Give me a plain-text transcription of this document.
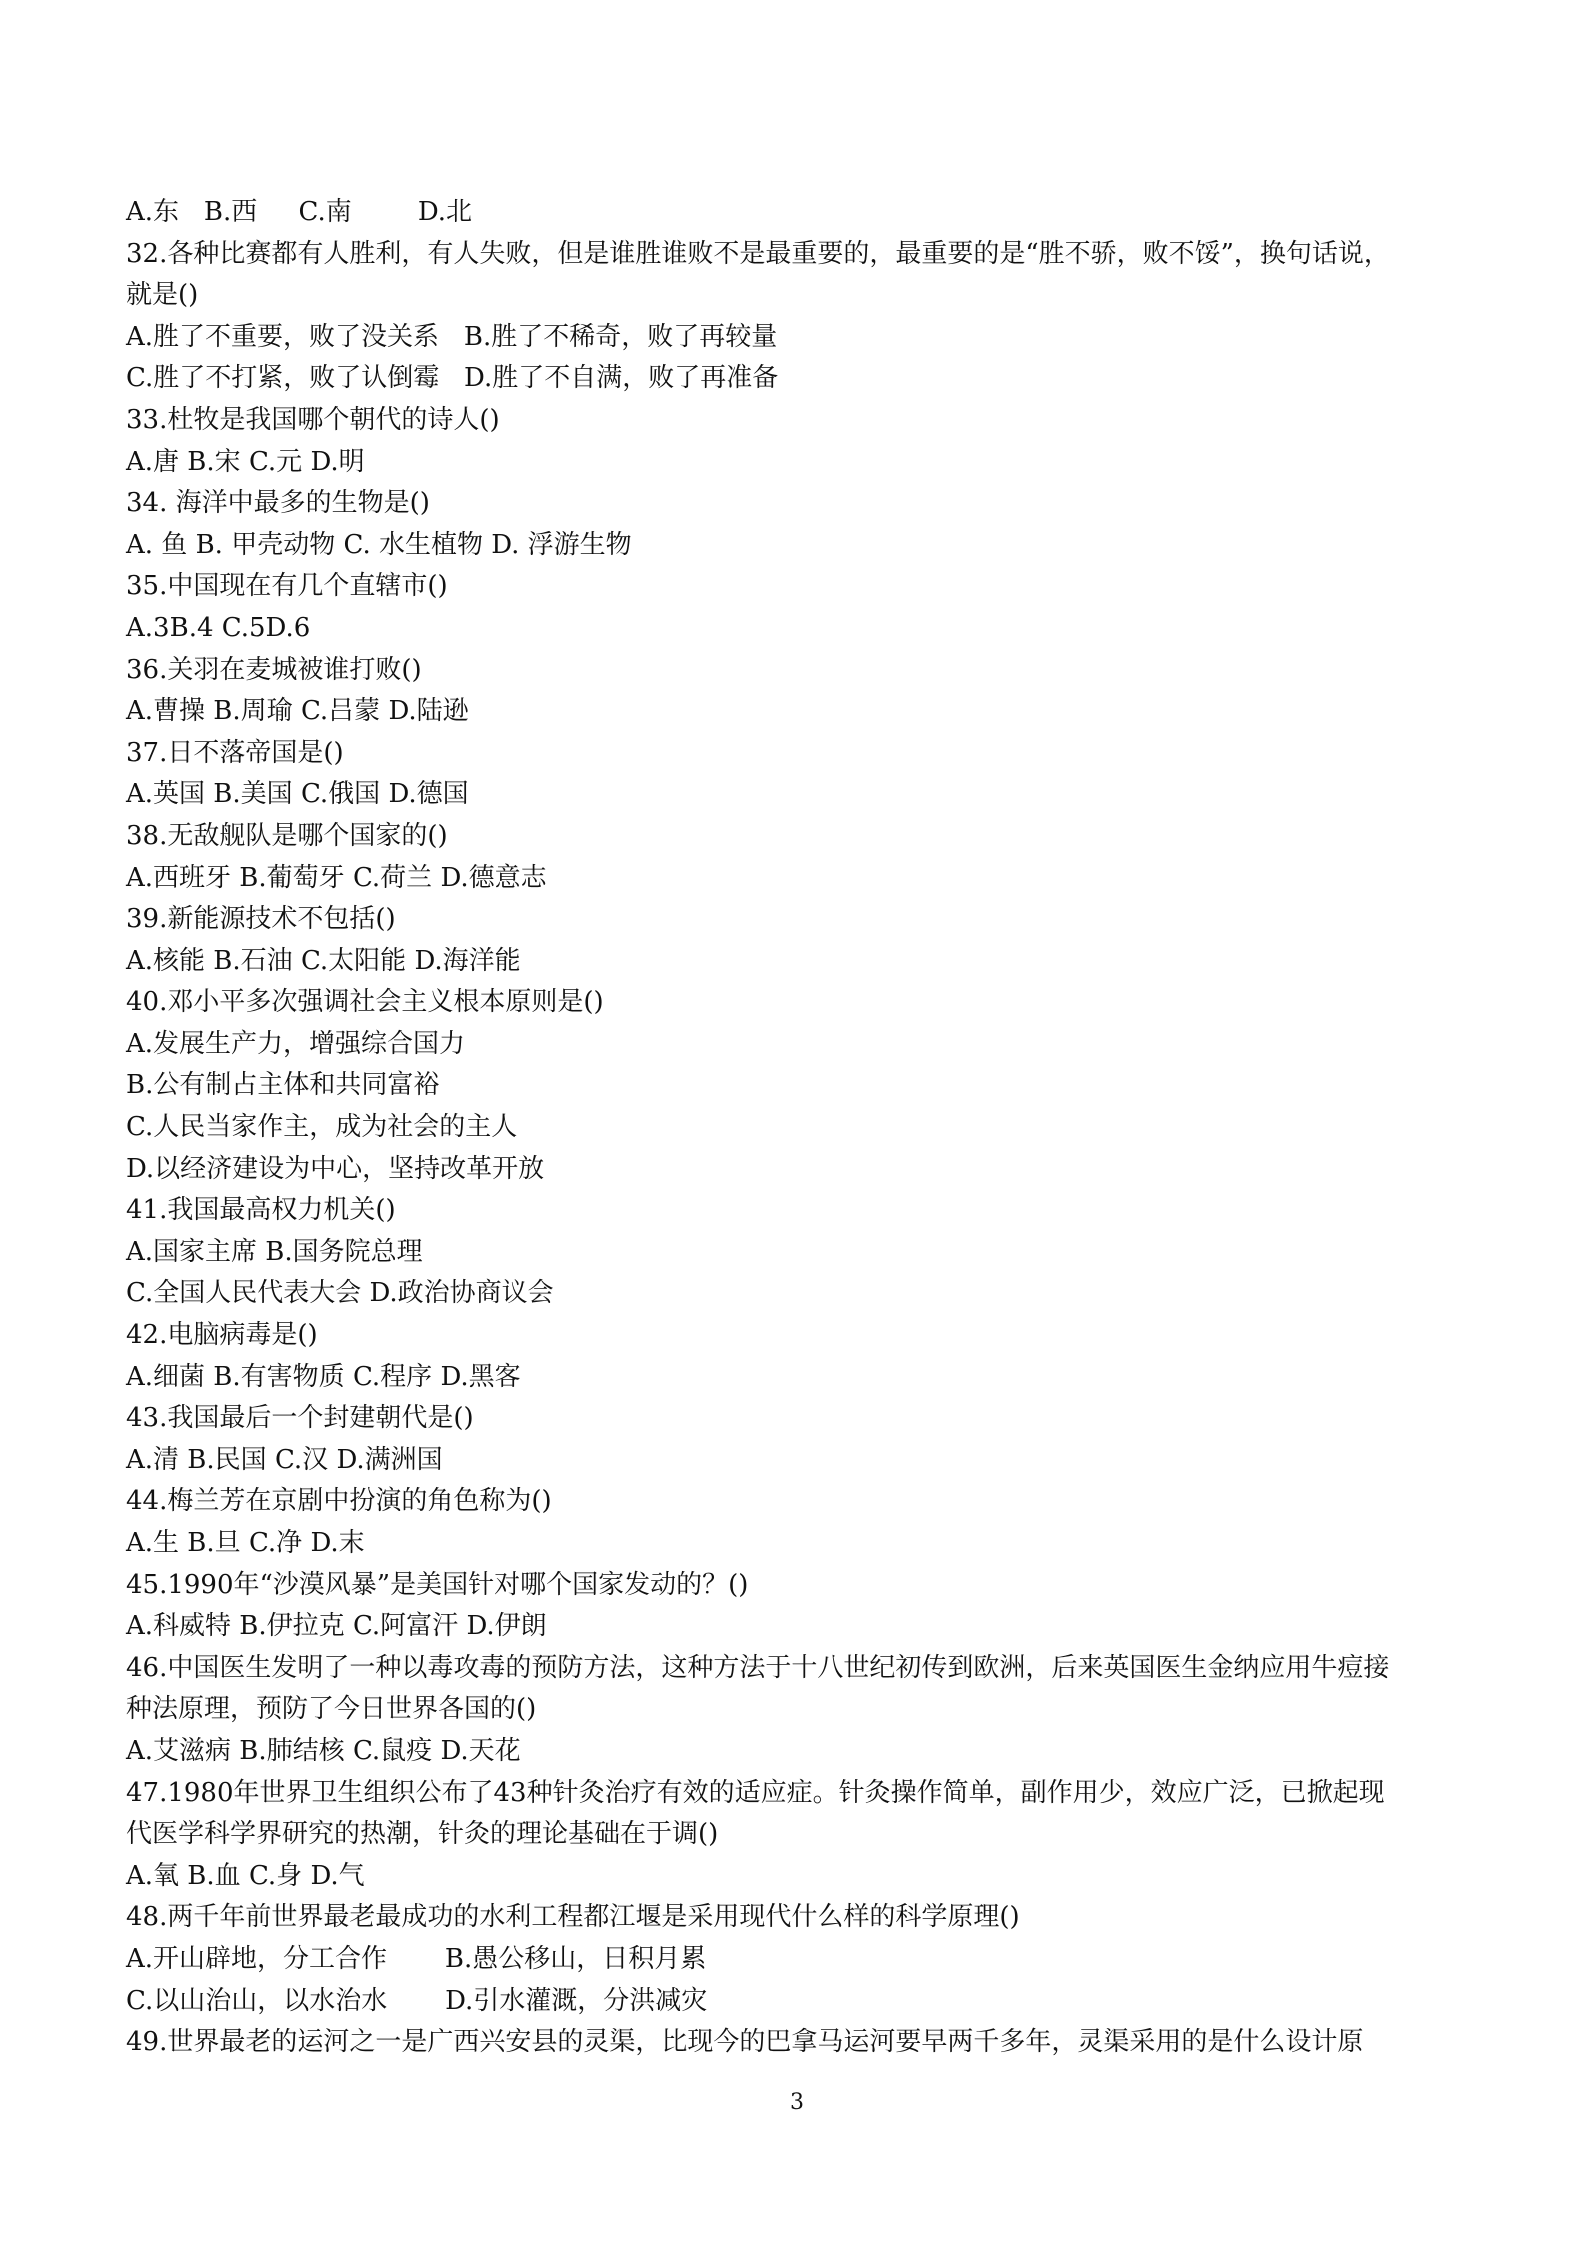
A.东   B.西     C.南        D.北
32.各种比赛都有人胜利，有人失败，但是谁胜谁败不是最重要的，最重要的是“胜不骄，败不馁”，换句话说，
就是()
A.胜了不重要，败了没关系   B.胜了不稀奇，败了再较量
C.胜了不打紧，败了认倒霉   D.胜了不自满，败了再准备
33.杜牧是我国哪个朝代的诗人()
A.唐 B.宋 C.元 D.明
34. 海洋中最多的生物是()
A. 鱼 B. 甲壳动物 C. 水生植物 D. 浮游生物
35.中国现在有几个直辖市()
A.3B.4 C.5D.6
36.关羽在麦城被谁打败()
A.曹操 B.周瑜 C.吕蒙 D.陆逊
37.日不落帝国是()
A.英国 B.美国 C.俄国 D.德国
38.无敌舰队是哪个国家的()
A.西班牙 B.葡萄牙 C.荷兰 D.德意志
39.新能源技术不包括()
A.核能 B.石油 C.太阳能 D.海洋能
40.邓小平多次强调社会主义根本原则是()
A.发展生产力，增强综合国力
B.公有制占主体和共同富裕
C.人民当家作主，成为社会的主人
D.以经济建设为中心，坚持改革开放
41.我国最高权力机关()
A.国家主席 B.国务院总理
C.全国人民代表大会 D.政治协商议会
42.电脑病毒是()
A.细菌 B.有害物质 C.程序 D.黑客
43.我国最后一个封建朝代是()
A.清 B.民国 C.汉 D.满洲国
44.梅兰芳在京剧中扮演的角色称为()
A.生 B.旦 C.净 D.末
45.1990年“沙漠风暴”是美国针对哪个国家发动的？()
A.科威特 B.伊拉克 C.阿富汗 D.伊朗
46.中国医生发明了一种以毒攻毒的预防方法，这种方法于十八世纪初传到欧洲，后来英国医生金纳应用牛痘接
种法原理，预防了今日世界各国的()
A.艾滋病 B.肺结核 C.鼠疫 D.天花
47.1980年世界卫生组织公布了43种针灸治疗有效的适应症。针灸操作简单，副作用少，效应广泛，已掀起现
代医学科学界研究的热潮，针灸的理论基础在于调()
A.氧 B.血 C.身 D.气
48.两千年前世界最老最成功的水利工程都江堰是采用现代什么样的科学原理()
A.开山辟地，分工合作       B.愚公移山，日积月累
C.以山治山，以水治水       D.引水灌溉，分洪减灾
49.世界最老的运河之一是广西兴安县的灵渠，比现今的巴拿马运河要早两千多年，灵渠采用的是什么设计原
3
